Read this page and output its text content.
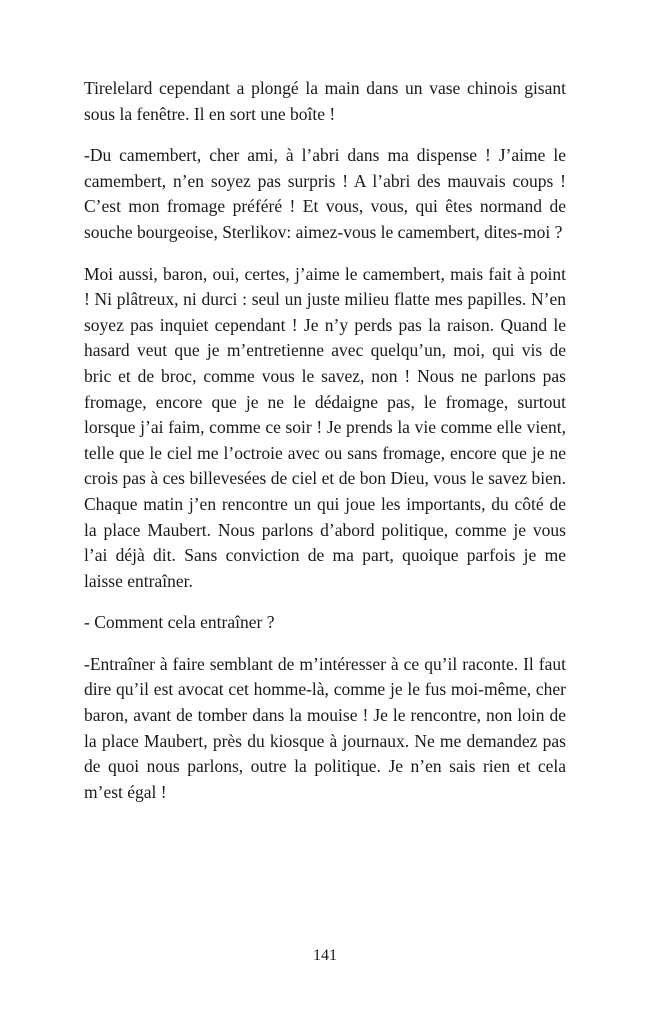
Tirelelard cependant a plongé la main dans un vase chinois gisant sous la fenêtre. Il en sort une boîte !

-Du camembert, cher ami, à l’abri dans ma dispense ! J’aime le camembert, n’en soyez pas surpris ! A l’abri des mauvais coups ! C’est mon fromage préféré ! Et vous, vous, qui êtes normand de souche bourgeoise, Sterlikov: aimez-vous le camembert, dites-moi ?

Moi aussi, baron, oui, certes, j’aime le camembert, mais fait à point ! Ni plâtreux, ni durci : seul un juste milieu flatte mes papilles. N’en soyez pas inquiet cependant ! Je n’y perds pas la raison. Quand le hasard veut que je m’entretienne avec quelqu’un, moi, qui vis de bric et de broc, comme vous le savez, non ! Nous ne parlons pas fromage, encore que je ne le dédaigne pas, le fromage, surtout lorsque j’ai faim, comme ce soir ! Je prends la vie comme elle vient, telle que le ciel me l’octroie avec ou sans fromage, encore que je ne crois pas à ces billevesées de ciel et de bon Dieu, vous le savez bien. Chaque matin j’en rencontre un qui joue les importants, du côté de la place Maubert. Nous parlons d’abord politique, comme je vous l’ai déjà dit. Sans conviction de ma part, quoique parfois je me laisse entraîner.

- Comment cela entraîner ?

-Entraîner à faire semblant de m’intéresser à ce qu’il raconte. Il faut dire qu’il est avocat cet homme-là, comme je le fus moi-même, cher baron, avant de tomber dans la mouise ! Je le rencontre, non loin de la place Maubert, près du kiosque à journaux. Ne me demandez pas de quoi nous parlons, outre la politique. Je n’en sais rien et cela m’est égal !

141
